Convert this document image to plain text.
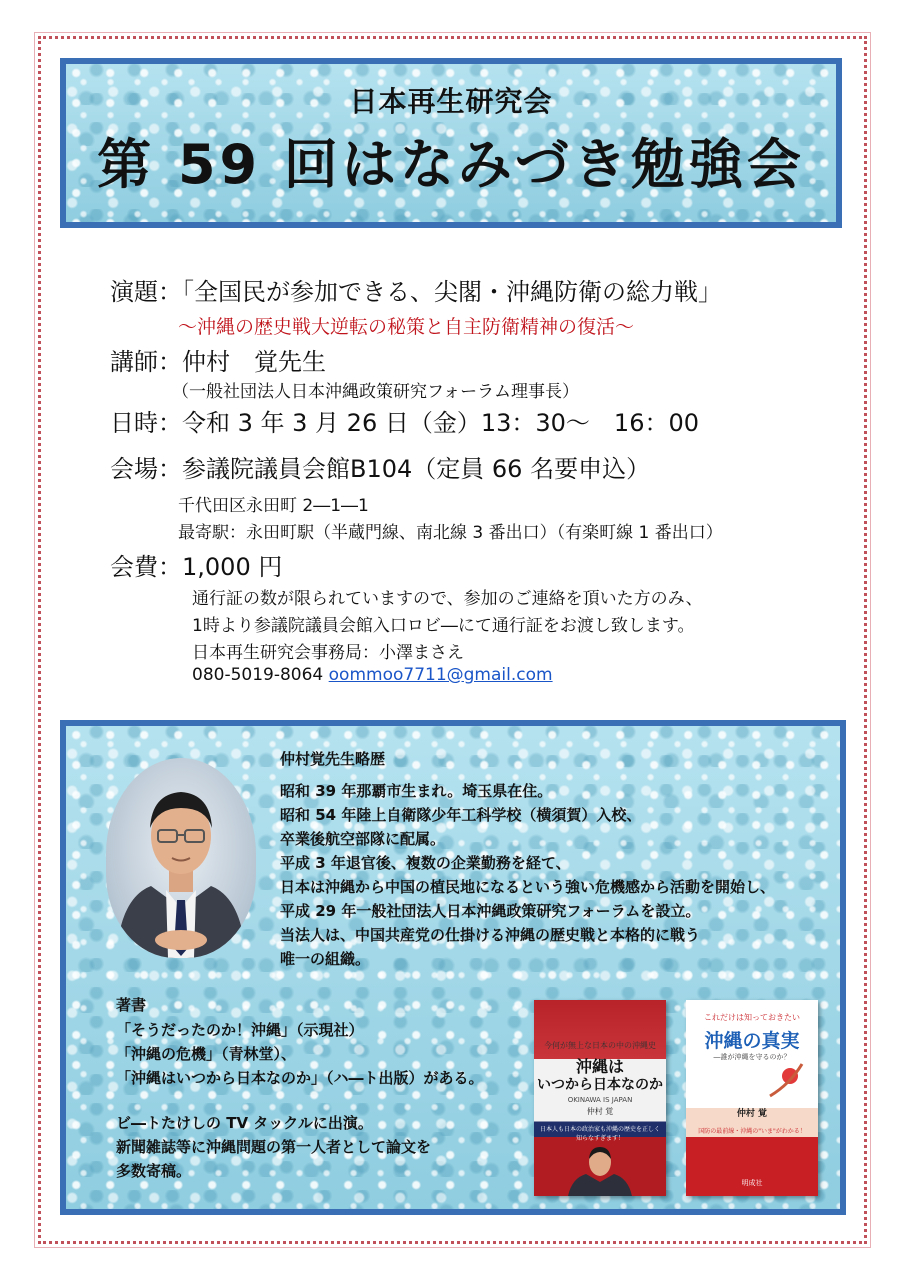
日本再生研究会
第 59 回はなみづき勉強会
演題：「全国民が参加できる、尖閣・沖縄防衛の総力戦」
～沖縄の歴史戦大逆転の秘策と自主防衛精神の復活～
講師：仲村　覚先生
（一般社団法人日本沖縄政策研究フォーラム理事長）
日時：令和 3 年 3 月 26 日（金）13：30～　16：00
会場：参議院議員会館B104（定員 66 名要申込）
千代田区永田町 2―1―1
最寄駅：永田町駅（半蔵門線、南北線 3 番出口）（有楽町線 1 番出口）
会費：1,000 円
通行証の数が限られていますので、参加のご連絡を頂いた方のみ、
1時より参議院議員会館入口ロビ―にて通行証をお渡し致します。
日本再生研究会事務局：小澤まさえ
080-5019-8064 oommoo7711@gmail.com
仲村覚先生略歴
昭和 39 年那覇市生まれ。埼玉県在住。
昭和 54 年陸上自衛隊少年工科学校（横須賀）入校、
卒業後航空部隊に配属。
平成 3 年退官後、複数の企業勤務を経て、
日本は沖縄から中国の植民地になるという強い危機感から活動を開始し、
平成 29 年一般社団法人日本沖縄政策研究フォーラムを設立。
当法人は、中国共産党の仕掛ける沖縄の歴史戦と本格的に戦う
唯一の組織。
著書
「そうだったのか！沖縄」（示現社）
「沖縄の危機」（青林堂）、
「沖縄はいつから日本なのか」（ハ―ト出版）がある。
ビ―トたけしの TV タックルに出演。
新聞雑誌等に沖縄問題の第一人者として論文を
多数寄稿。
今何が無上な日本の中の沖縄史
沖縄は
いつから日本なのか
OKINAWA IS JAPAN
仲村 覚
日本人も日本の政治家も沖縄の歴史を正しく知らなすぎます！
これだけは知っておきたい
沖縄の真実
―誰が沖縄を守るのか？
仲村 覚
国防の最前線・沖縄の"いま"がわかる！
明成社
